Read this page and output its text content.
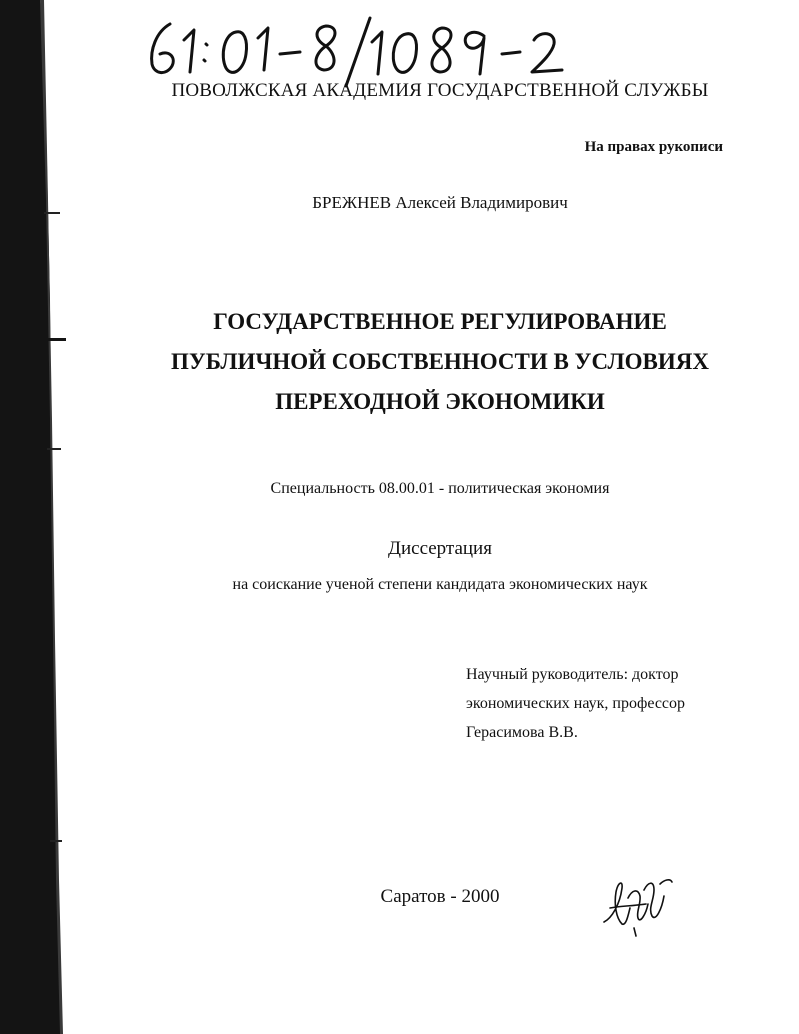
ПОВОЛЖСКАЯ АКАДЕМИЯ ГОСУДАРСТВЕННОЙ СЛУЖБЫ
На правах рукописи
БРЕЖНЕВ Алексей Владимирович
ГОСУДАРСТВЕННОЕ РЕГУЛИРОВАНИЕ
ПУБЛИЧНОЙ СОБСТВЕННОСТИ В УСЛОВИЯХ
ПЕРЕХОДНОЙ ЭКОНОМИКИ
Специальность 08.00.01 - политическая экономия
Диссертация
на соискание ученой степени кандидата экономических наук
Научный руководитель: доктор
экономических наук, профессор
Герасимова В.В.
Саратов - 2000
